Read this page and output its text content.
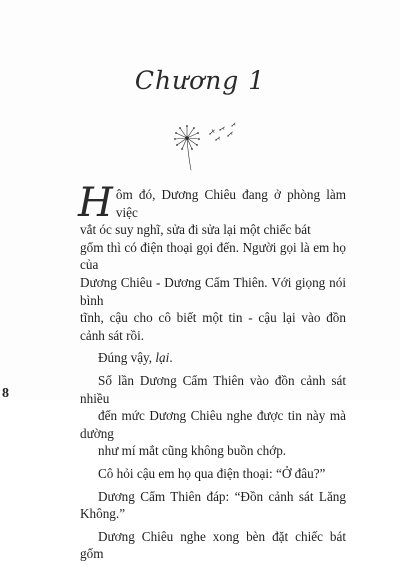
Chương 1

H ôm đó, Dương Chiêu đang ở phòng làm việc
vắt óc suy nghĩ, sửa đi sửa lại một chiếc bát
gốm thì có điện thoại gọi đến. Người gọi là em họ của
Dương Chiêu - Dương Cẩm Thiên. Với giọng nói bình
tĩnh, cậu cho cô biết một tin - cậu lại vào đồn cảnh sát rồi.

Đúng vậy, lại.

Số lần Dương Cẩm Thiên vào đồn cảnh sát nhiều
đến mức Dương Chiêu nghe được tin này mà dường
như mí mắt cũng không buồn chớp.

Cô hỏi cậu em họ qua điện thoại: “Ở đâu?”

Dương Cẩm Thiên đáp: “Đồn cảnh sát Lăng Không.”

Dương Chiêu nghe xong bèn đặt chiếc bát gốm

8
